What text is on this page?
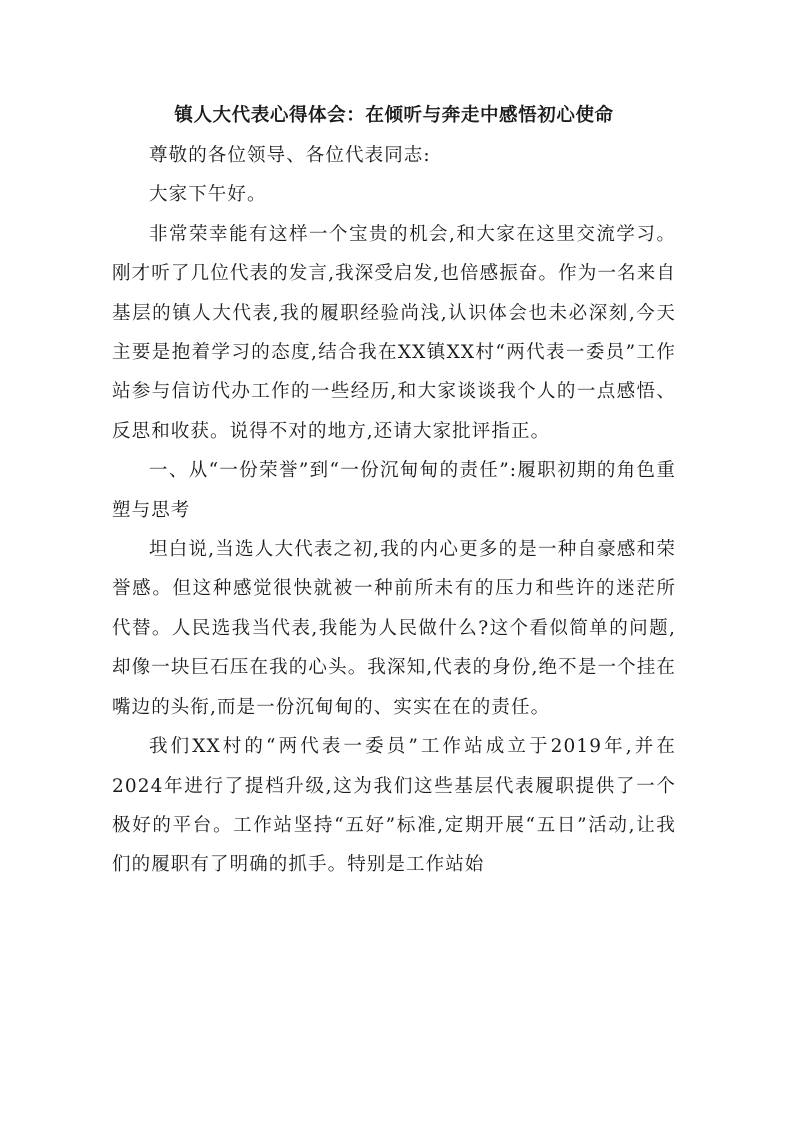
镇人大代表心得体会：在倾听与奔走中感悟初心使命

尊敬的各位领导、各位代表同志:

大家下午好。

非常荣幸能有这样一个宝贵的机会,和大家在这里交流学习。刚才听了几位代表的发言,我深受启发,也倍感振奋。作为一名来自基层的镇人大代表,我的履职经验尚浅,认识体会也未必深刻,今天主要是抱着学习的态度,结合我在XX镇XX村“两代表一委员”工作站参与信访代办工作的一些经历,和大家谈谈我个人的一点感悟、反思和收获。说得不对的地方,还请大家批评指正。

一、从“一份荣誉”到“一份沉甸甸的责任”:履职初期的角色重塑与思考

坦白说,当选人大代表之初,我的内心更多的是一种自豪感和荣誉感。但这种感觉很快就被一种前所未有的压力和些许的迷茫所代替。人民选我当代表,我能为人民做什么?这个看似简单的问题,却像一块巨石压在我的心头。我深知,代表的身份,绝不是一个挂在嘴边的头衔,而是一份沉甸甸的、实实在在的责任。

我们XX村的“两代表一委员”工作站成立于2019年,并在2024年进行了提档升级,这为我们这些基层代表履职提供了一个极好的平台。工作站坚持“五好”标准,定期开展“五日”活动,让我们的履职有了明确的抓手。特别是工作站始
